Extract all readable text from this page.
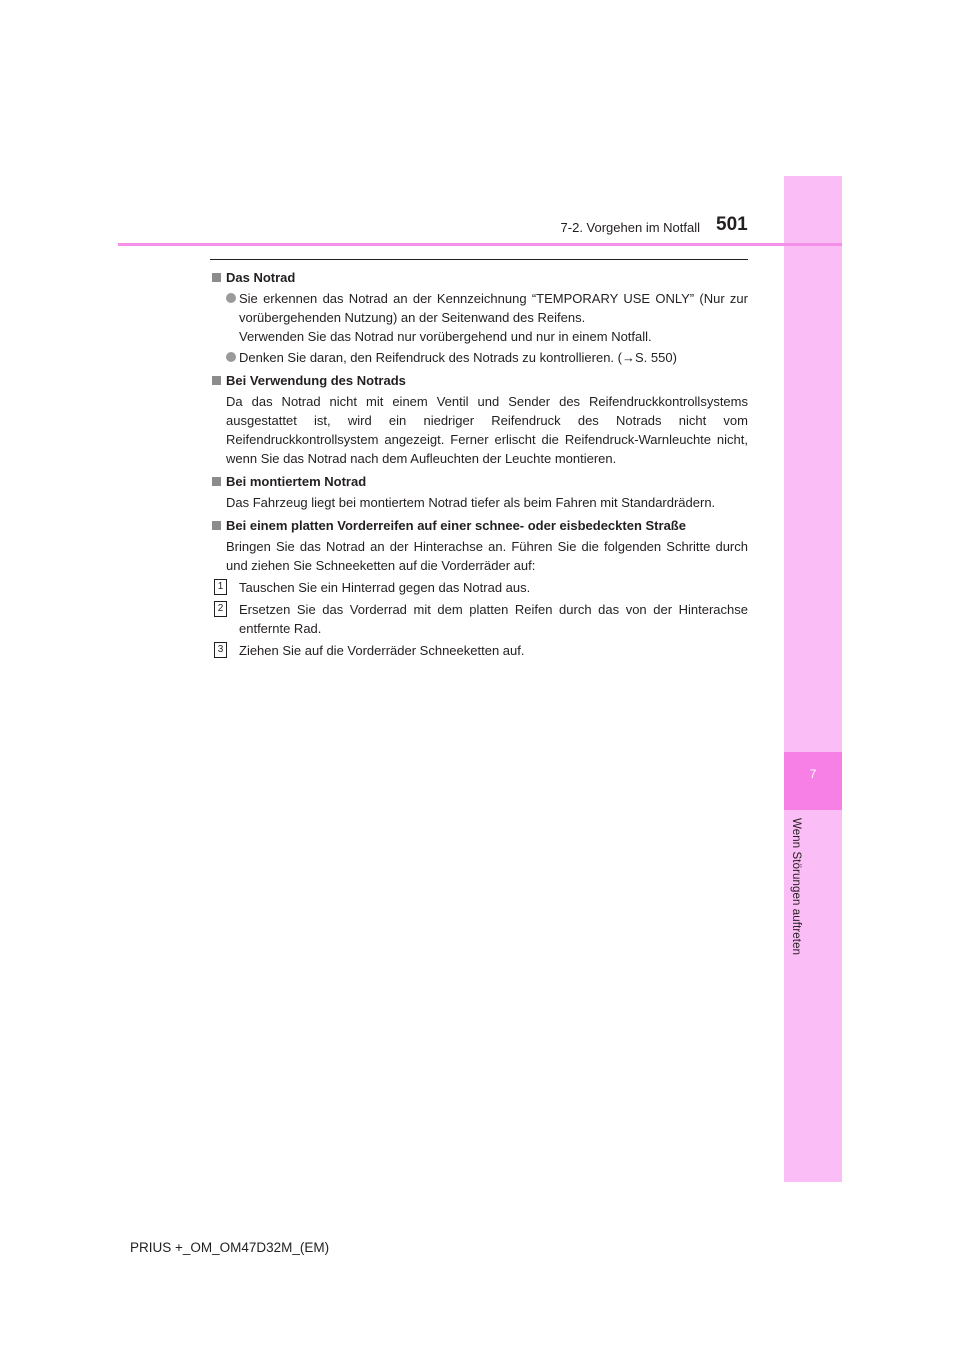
7
Wenn Störungen auftreten
7-2. Vorgehen im Notfall 501

Das Notrad

Sie erkennen das Notrad an der Kennzeichnung “TEMPORARY USE ONLY” (Nur zur vorübergehenden Nutzung) an der Seitenwand des Reifens.
Verwenden Sie das Notrad nur vorübergehend und nur in einem Notfall.
Denken Sie daran, den Reifendruck des Notrads zu kontrollieren. (→S. 550)

Bei Verwendung des Notrads

Da das Notrad nicht mit einem Ventil und Sender des Reifendruckkontrollsystems ausgestattet ist, wird ein niedriger Reifendruck des Notrads nicht vom Reifendruckkontrollsystem angezeigt. Ferner erlischt die Reifendruck-Warnleuchte nicht, wenn Sie das Notrad nach dem Aufleuchten der Leuchte montieren.

Bei montiertem Notrad

Das Fahrzeug liegt bei montiertem Notrad tiefer als beim Fahren mit Standardrädern.

Bei einem platten Vorderreifen auf einer schnee- oder eisbedeckten Straße

Bringen Sie das Notrad an der Hinterachse an. Führen Sie die folgenden Schritte durch und ziehen Sie Schneeketten auf die Vorderräder auf:

1 Tauschen Sie ein Hinterrad gegen das Notrad aus.
2 Ersetzen Sie das Vorderrad mit dem platten Reifen durch das von der Hinterachse entfernte Rad.
3 Ziehen Sie auf die Vorderräder Schneeketten auf.
PRIUS +_OM_OM47D32M_(EM)
